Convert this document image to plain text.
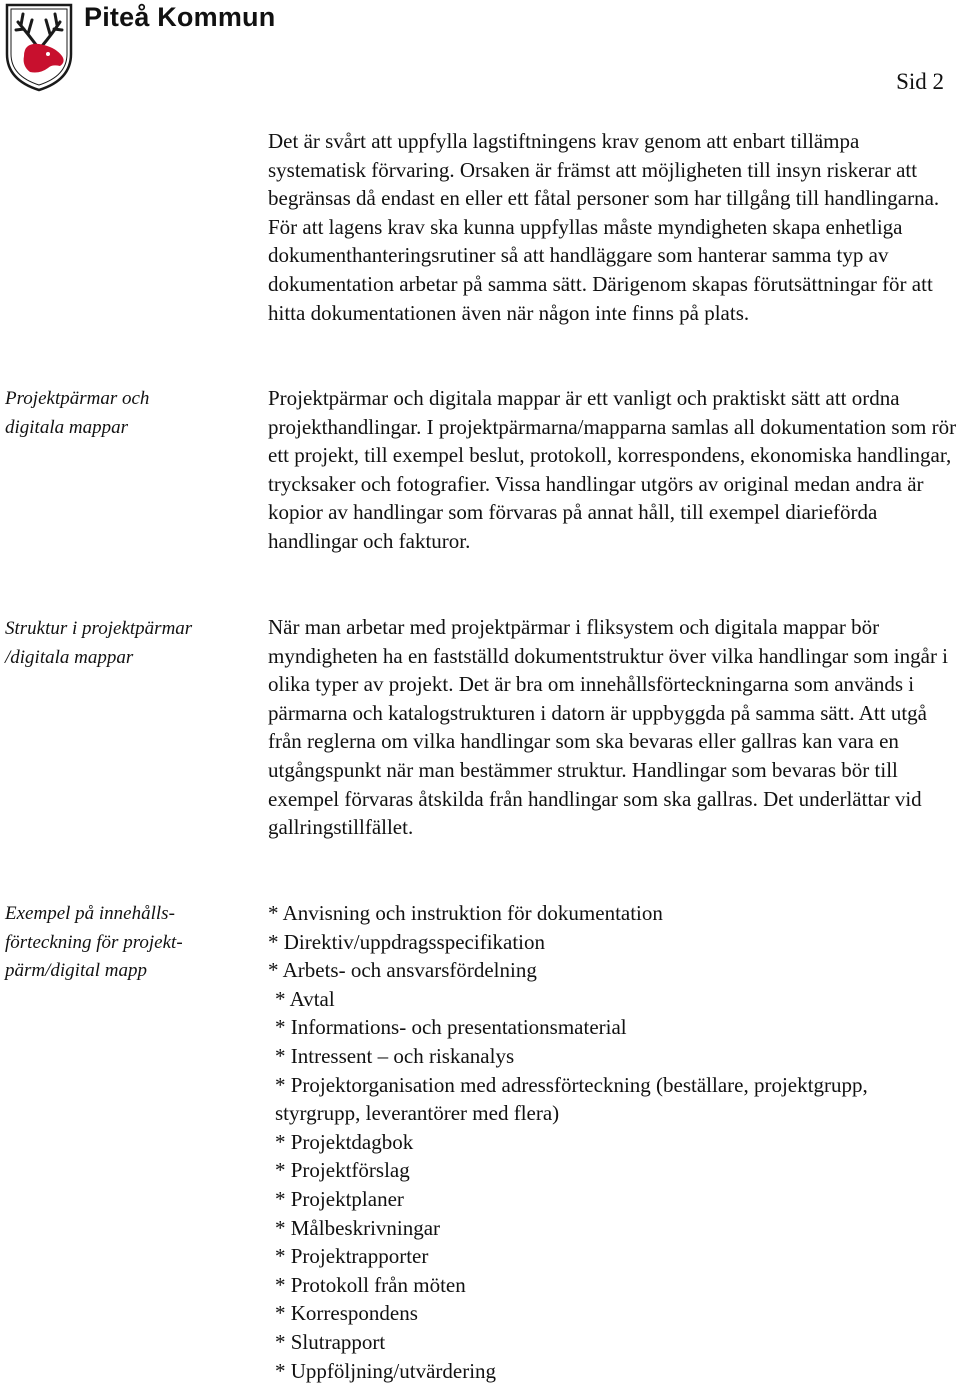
Piteå Kommun
Sid 2

Det är svårt att uppfylla lagstiftningens krav genom att enbart tillämpa systematisk förvaring. Orsaken är främst att möjligheten till insyn riskerar att begränsas då endast en eller ett fåtal personer som har tillgång till handlingarna. För att lagens krav ska kunna uppfyllas måste myndigheten skapa enhetliga dokumenthanteringsrutiner så att handläggare som hanterar samma typ av dokumentation arbetar på samma sätt. Därigenom skapas förutsättningar för att hitta dokumentationen även när någon inte finns på plats.

Projektpärmar och digitala mappar är ett vanligt och praktiskt sätt att ordna projekthandlingar. I projektpärmarna/mapparna samlas all dokumentation som rör ett projekt, till exempel beslut, protokoll, korrespondens, ekonomiska handlingar, trycksaker och fotografier. Vissa handlingar utgörs av original medan andra är kopior av handlingar som förvaras på annat håll, till exempel diarieförda handlingar och fakturor.

När man arbetar med projektpärmar i fliksystem och digitala mappar bör myndigheten ha en fastställd dokumentstruktur över vilka handlingar som ingår i olika typer av projekt. Det är bra om innehållsförteckningarna som används i pärmarna och katalogstrukturen i datorn är uppbyggda på samma sätt. Att utgå från reglerna om vilka handlingar som ska bevaras eller gallras kan vara en utgångspunkt när man bestämmer struktur. Handlingar som bevaras bör till exempel förvaras åtskilda från handlingar som ska gallras. Det underlättar vid gallringstillfället.

Projektpärmar och
digitala mappar
Struktur i projektpärmar
/digitala mappar
Exempel på innehålls-
förteckning för projekt-
pärm/digital mapp
* Anvisning och instruktion för dokumentation
* Direktiv/uppdragsspecifikation
* Arbets- och ansvarsfördelning
* Avtal
* Informations- och presentationsmaterial
* Intressent – och riskanalys
* Projektorganisation med adressförteckning (beställare, projektgrupp, styrgrupp, leverantörer med flera)
* Projektdagbok
* Projektförslag
* Projektplaner
* Målbeskrivningar
* Projektrapporter
* Protokoll från möten
* Korrespondens
* Slutrapport
* Uppföljning/utvärdering
